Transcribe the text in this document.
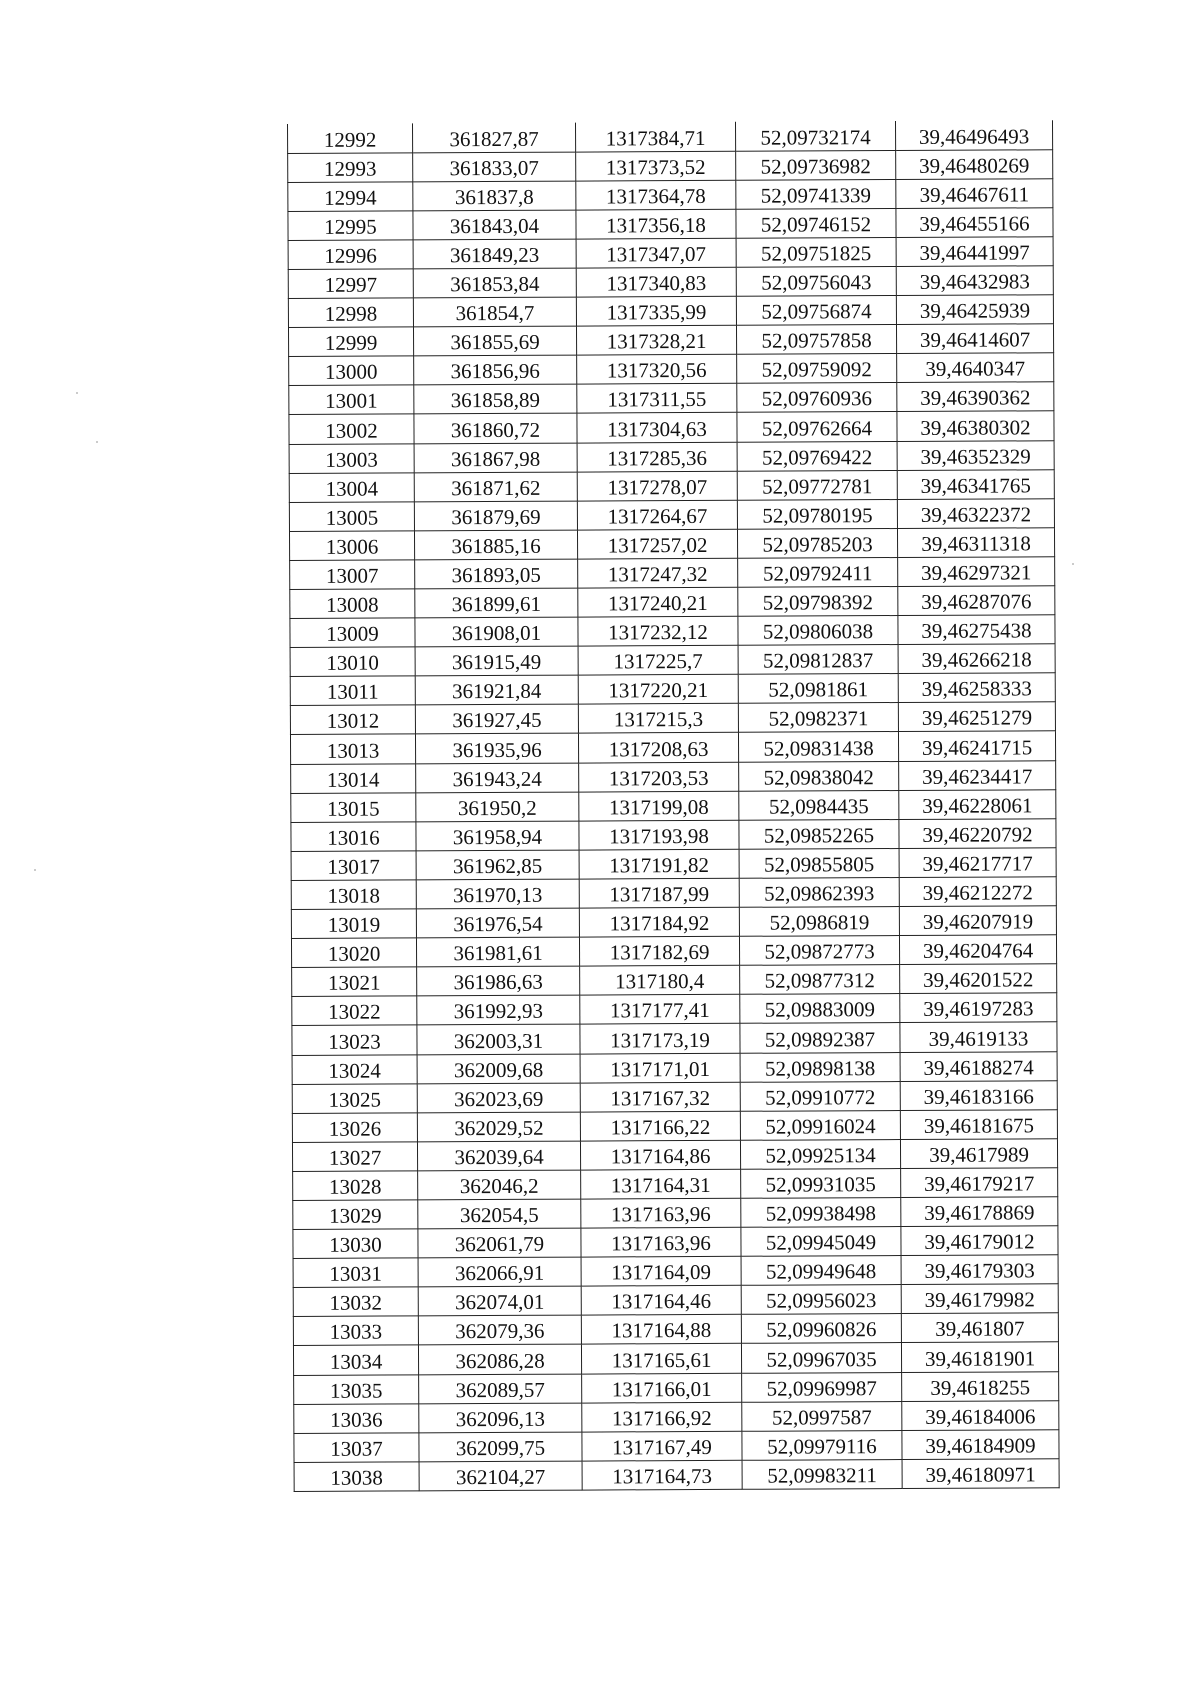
12992	361827,87	1317384,71	52,09732174	39,46496493
12993	361833,07	1317373,52	52,09736982	39,46480269
12994	361837,8	1317364,78	52,09741339	39,46467611
12995	361843,04	1317356,18	52,09746152	39,46455166
12996	361849,23	1317347,07	52,09751825	39,46441997
12997	361853,84	1317340,83	52,09756043	39,46432983
12998	361854,7	1317335,99	52,09756874	39,46425939
12999	361855,69	1317328,21	52,09757858	39,46414607
13000	361856,96	1317320,56	52,09759092	39,4640347
13001	361858,89	1317311,55	52,09760936	39,46390362
13002	361860,72	1317304,63	52,09762664	39,46380302
13003	361867,98	1317285,36	52,09769422	39,46352329
13004	361871,62	1317278,07	52,09772781	39,46341765
13005	361879,69	1317264,67	52,09780195	39,46322372
13006	361885,16	1317257,02	52,09785203	39,46311318
13007	361893,05	1317247,32	52,09792411	39,46297321
13008	361899,61	1317240,21	52,09798392	39,46287076
13009	361908,01	1317232,12	52,09806038	39,46275438
13010	361915,49	1317225,7	52,09812837	39,46266218
13011	361921,84	1317220,21	52,0981861	39,46258333
13012	361927,45	1317215,3	52,0982371	39,46251279
13013	361935,96	1317208,63	52,09831438	39,46241715
13014	361943,24	1317203,53	52,09838042	39,46234417
13015	361950,2	1317199,08	52,0984435	39,46228061
13016	361958,94	1317193,98	52,09852265	39,46220792
13017	361962,85	1317191,82	52,09855805	39,46217717
13018	361970,13	1317187,99	52,09862393	39,46212272
13019	361976,54	1317184,92	52,0986819	39,46207919
13020	361981,61	1317182,69	52,09872773	39,46204764
13021	361986,63	1317180,4	52,09877312	39,46201522
13022	361992,93	1317177,41	52,09883009	39,46197283
13023	362003,31	1317173,19	52,09892387	39,4619133
13024	362009,68	1317171,01	52,09898138	39,46188274
13025	362023,69	1317167,32	52,09910772	39,46183166
13026	362029,52	1317166,22	52,09916024	39,46181675
13027	362039,64	1317164,86	52,09925134	39,4617989
13028	362046,2	1317164,31	52,09931035	39,46179217
13029	362054,5	1317163,96	52,09938498	39,46178869
13030	362061,79	1317163,96	52,09945049	39,46179012
13031	362066,91	1317164,09	52,09949648	39,46179303
13032	362074,01	1317164,46	52,09956023	39,46179982
13033	362079,36	1317164,88	52,09960826	39,461807
13034	362086,28	1317165,61	52,09967035	39,46181901
13035	362089,57	1317166,01	52,09969987	39,4618255
13036	362096,13	1317166,92	52,0997587	39,46184006
13037	362099,75	1317167,49	52,09979116	39,46184909
13038	362104,27	1317164,73	52,09983211	39,46180971
